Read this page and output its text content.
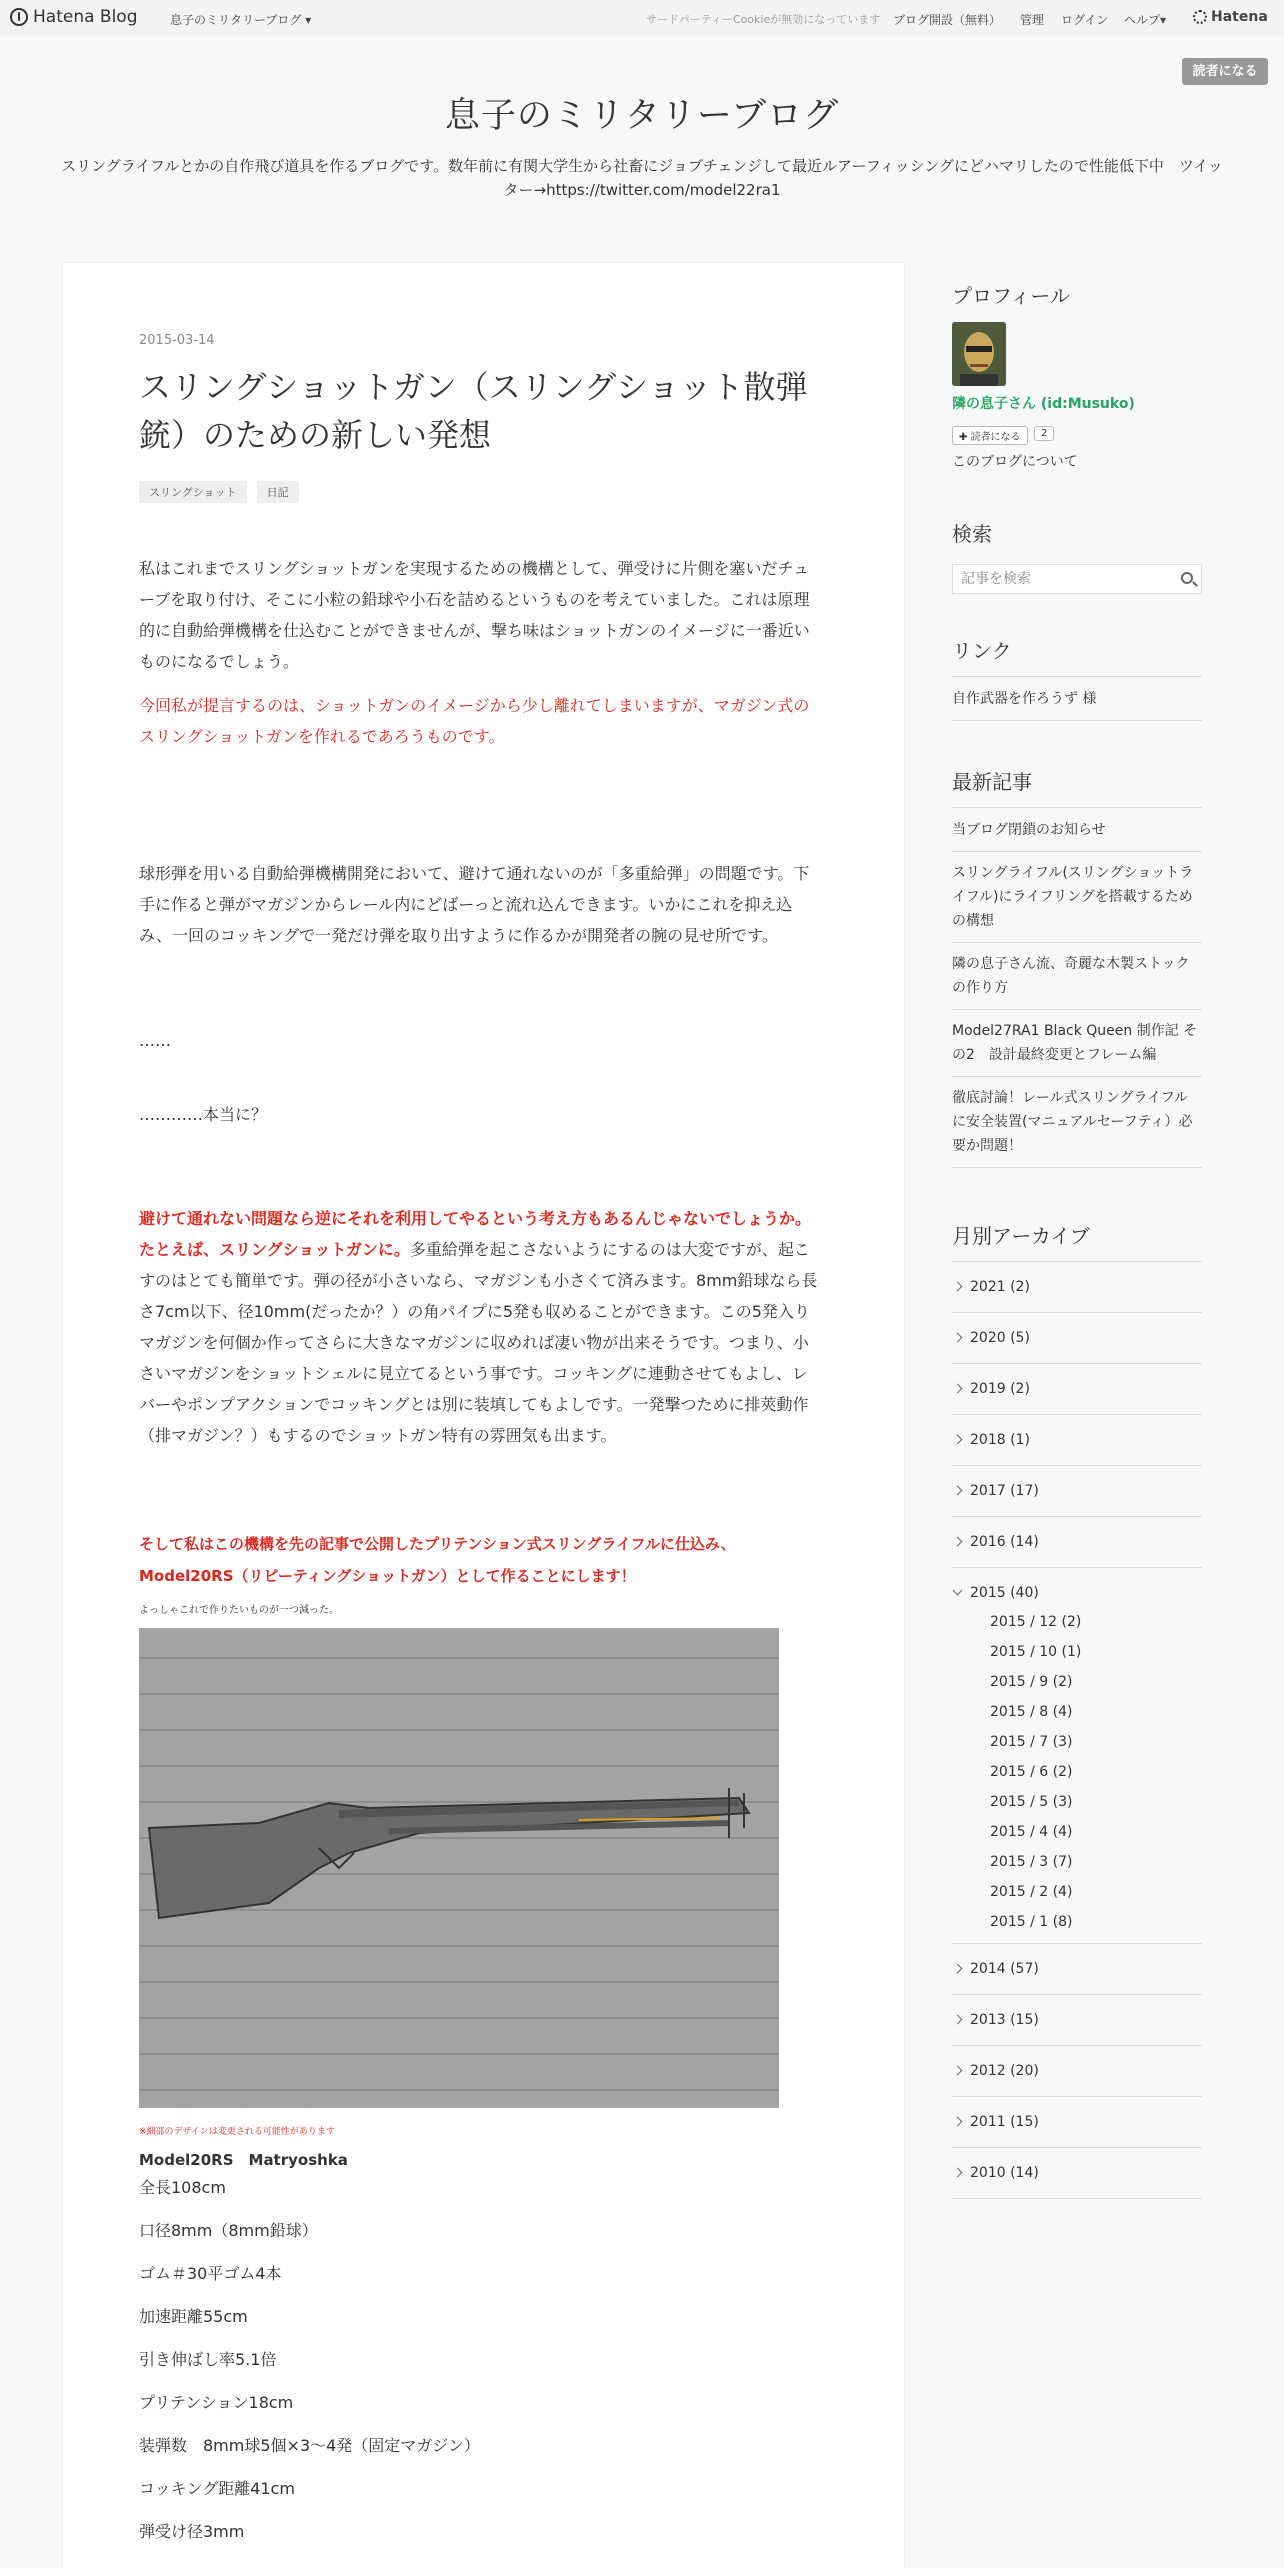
Hatena Blog	息子のミリタリーブログ ▾	サードパーティーCookieが無効になっています ブログ開設（無料） 管理 ログイン ヘルプ▾	Hatena
読者になる
息子のミリタリーブログ
スリングライフルとかの自作飛び道具を作るブログです。数年前に有関大学生から社畜にジョブチェンジして最近ルアーフィッシングにどハマリしたので性能低下中　ツイッター→https://twitter.com/model22ra1
2015-03-14
スリングショットガン（スリングショット散弾銃）のための新しい発想
スリングショット	日記

私はこれまでスリングショットガンを実現するための機構として、弾受けに片側を塞いだチューブを取り付け、そこに小粒の鉛球や小石を詰めるというものを考えていました。これは原理的に自動給弾機構を仕込むことができませんが、撃ち味はショットガンのイメージに一番近いものになるでしょう。

今回私が提言するのは、ショットガンのイメージから少し離れてしまいますが、マガジン式のスリングショットガンを作れるであろうものです。

球形弾を用いる自動給弾機構開発において、避けて通れないのが「多重給弾」の問題です。下手に作ると弾がマガジンからレール内にどばーっと流れ込んできます。いかにこれを抑え込み、一回のコッキングで一発だけ弾を取り出すように作るかが開発者の腕の見せ所です。

……

…………本当に？

避けて通れない問題なら逆にそれを利用してやるという考え方もあるんじゃないでしょうか。たとえば、スリングショットガンに。多重給弾を起こさないようにするのは大変ですが、起こすのはとても簡単です。弾の径が小さいなら、マガジンも小さくて済みます。8mm鉛球なら長さ7cm以下、径10mm(だったか？）の角パイプに5発も収めることができます。この5発入りマガジンを何個か作ってさらに大きなマガジンに収めれば凄い物が出来そうです。つまり、小さいマガジンをショットシェルに見立てるという事です。コッキングに連動させてもよし、レバーやポンプアクションでコッキングとは別に装填してもよしです。一発撃つために排莢動作（排マガジン？）もするのでショットガン特有の雰囲気も出ます。

そして私はこの機構を先の記事で公開したプリテンション式スリングライフルに仕込み、Model20RS（リピーティングショットガン）として作ることにします！

よっしゃこれで作りたいものが一つ減った。

※細部のデザインは変更される可能性があります

Model20RS　Matryoshka

全長108cm

口径8mm（8mm鉛球）

ゴム＃30平ゴム4本

加速距離55cm

引き伸ばし率5.1倍

プリテンション18cm

装弾数　8mm球5個×3〜4発（固定マガジン）

コッキング距離41cm

弾受け径3mm

プロフィール
隣の息子さん (id:Musuko)
✚ 読者になる	2
このブログについて
検索
記事を検索
リンク
自作武器を作ろうず 様
最新記事
当ブログ閉鎖のお知らせ
スリングライフル(スリングショットライフル)にライフリングを搭載するための構想
隣の息子さん流、奇麗な木製ストックの作り方
Model27RA1 Black Queen 制作記 その2　設計最終変更とフレーム編
徹底討論！レール式スリングライフルに安全装置(マニュアルセーフティ）必要か問題！
月別アーカイブ
2021 (2)
2020 (5)
2019 (2)
2018 (1)
2017 (17)
2016 (14)
2015 (40)
2015 / 12 (2)
2015 / 10 (1)
2015 / 9 (2)
2015 / 8 (4)
2015 / 7 (3)
2015 / 6 (2)
2015 / 5 (3)
2015 / 4 (4)
2015 / 3 (7)
2015 / 2 (4)
2015 / 1 (8)
2014 (57)
2013 (15)
2012 (20)
2011 (15)
2010 (14)
